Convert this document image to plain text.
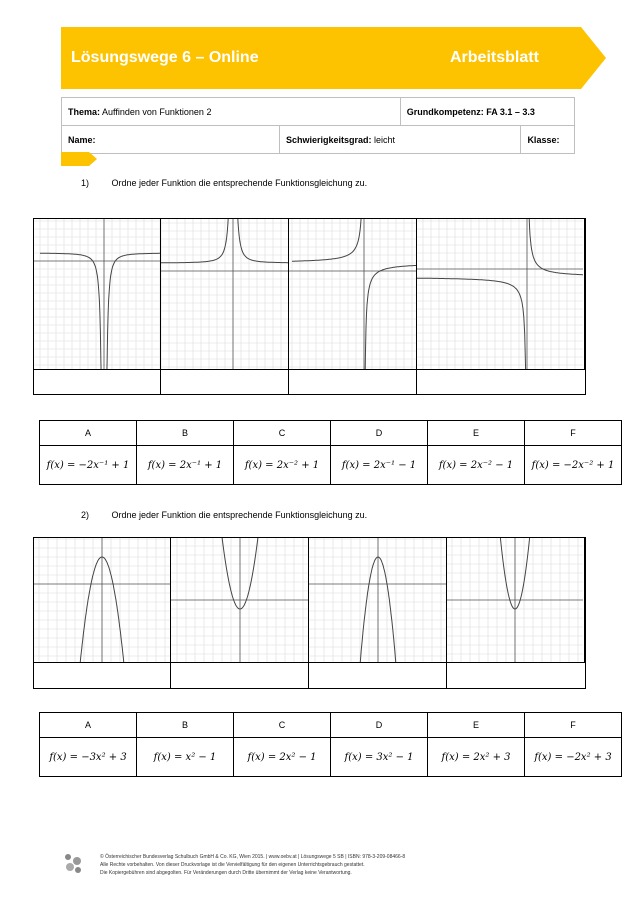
Lösungswege 6 – Online	Arbeitsblatt
Thema: Auffinden von Funktionen 2		Grundkompetenz: FA 3.1 – 3.3	
Name:	Schwierigkeitsgrad: leicht		Klasse:
1)	Ordne jeder Funktion die entsprechende Funktionsgleichung zu.
A	B	C	D	E	F
f(x) = −2x⁻¹ + 1	f(x) = 2x⁻¹ + 1	f(x) = 2x⁻² + 1	f(x) = 2x⁻¹ − 1	f(x) = 2x⁻² − 1	f(x) = −2x⁻² + 1
2)	Ordne jeder Funktion die entsprechende Funktionsgleichung zu.
A	B	C	D	E	F
f(x) = −3x² + 3	f(x) = x² − 1	f(x) = 2x² − 1	f(x) = 3x² − 1	f(x) = 2x² + 3	f(x) = −2x² + 3
© Österreichischer Bundesverlag Schulbuch GmbH & Co. KG, Wien 2015. | www.oebv.at | Lösungswege 5 SB | ISBN: 978-3-209-08466-8
Alle Rechte vorbehalten. Von dieser Druckvorlage ist die Vervielfältigung für den eigenen Unterrichtsgebrauch gestattet.
Die Kopiergebühren sind abgegolten. Für Veränderungen durch Dritte übernimmt der Verlag keine Verantwortung.
